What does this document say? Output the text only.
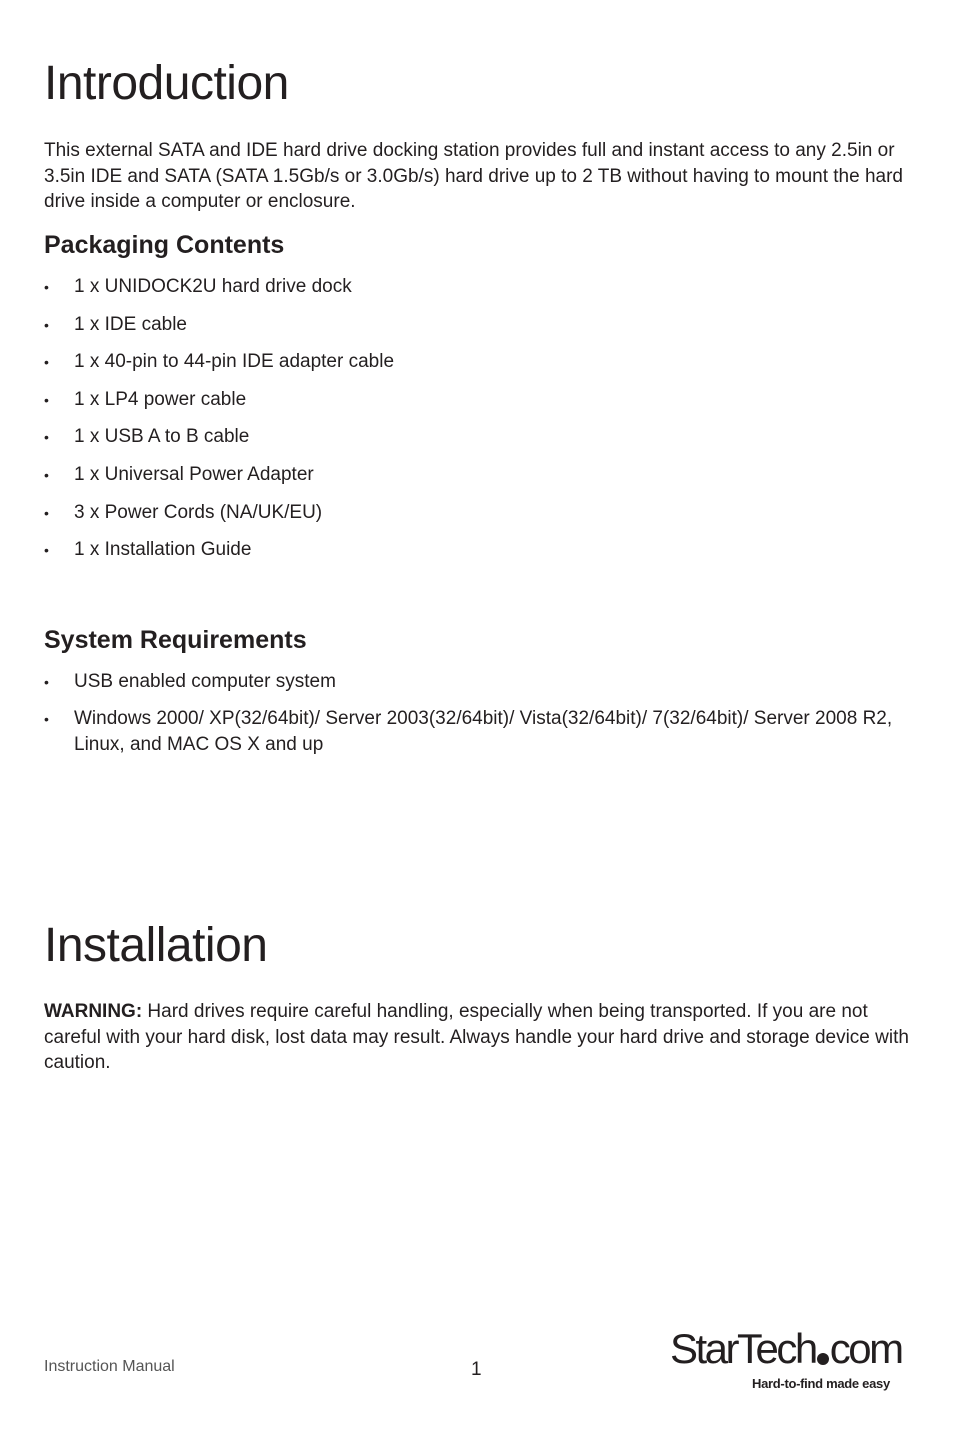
Introduction

This external SATA and IDE hard drive docking station provides full and instant access to any 2.5in or 3.5in IDE and SATA (SATA 1.5Gb/s or 3.0Gb/s) hard drive up to 2 TB without having to mount the hard drive inside a computer or enclosure.

Packaging Contents
• 1 x UNIDOCK2U hard drive dock
• 1 x IDE cable
• 1 x 40-pin to 44-pin IDE adapter cable
• 1 x LP4 power cable
• 1 x USB A to B cable
• 1 x Universal Power Adapter
• 3 x Power Cords (NA/UK/EU)
• 1 x Installation Guide
System Requirements
• USB enabled computer system
• Windows 2000/ XP(32/64bit)/ Server 2003(32/64bit)/ Vista(32/64bit)/ 7(32/64bit)/ Server 2008 R2, Linux, and MAC OS X and up
Installation

WARNING: Hard drives require careful handling, especially when being transported. If you are not careful with your hard disk, lost data may result. Always handle your hard drive and storage device with caution.

Instruction Manual	1	StarTech com
Hard-to-find made easy
